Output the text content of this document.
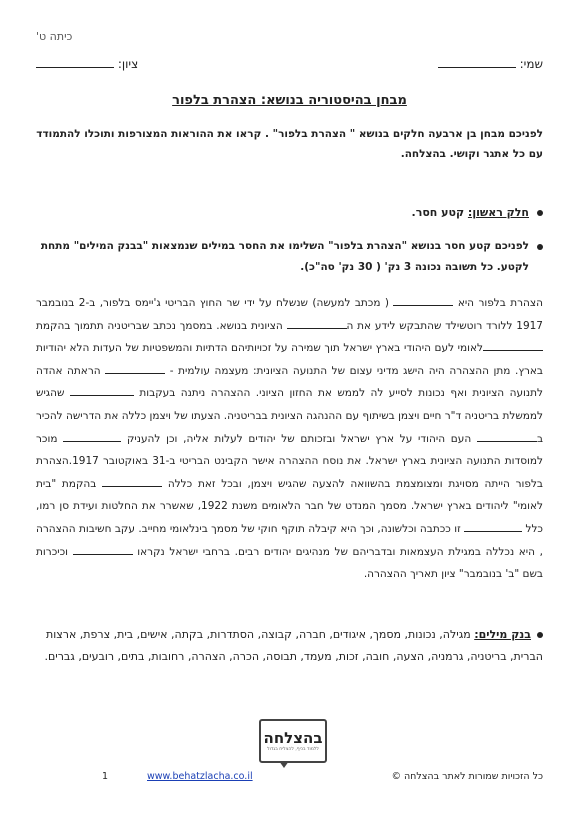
כיתה ט'
שמי:
ציון:
מבחן בהיסטוריה בנושא: הצהרת בלפור
לפניכם מבחן בן ארבעה חלקים בנושא " הצהרת בלפור" . קראו את ההוראות המצורפות ותוכלו להתמודד עם כל אתגר וקושי. בהצלחה.
חלק ראשון: קטע חסר.
לפניכם קטע חסר בנושא "הצהרת בלפור" השלימו את החסר במילים שנמצאות "בבנק המילים" מתחת לקטע. כל תשובה נכונה 3 נק' ( 30 נק' סה"כ).

הצהרת בלפור היא  ( מכתב למעשה) שנשלח על ידי שר החוץ הבריטי ג'יימס בלפור, ב-2 בנובמבר 1917 ללורד רוטשילד שהתבקש לידע את ה הציונית בנושא. במסמך נכתב שבריטניה תתמוך בהקמת לאומי לעם היהודי בארץ ישראל תוך שמירה על זכויותיהם הדתיות והמשפטיות של העדות הלא יהודיות בארץ. מתן ההצהרה היה הישג מדיני עצום של התנועה הציונית: מעצמה עולמית -  הראתה אהדה לתנועה הציונית ואף נכונות לסייע לה לממש את החזון הציוני. ההצהרה ניתנה בעקבות  שהגיש לממשלת בריטניה ד"ר חיים ויצמן בשיתוף עם ההנהגה הציונית בבריטניה. הצעתו של ויצמן כללה את הדרישה להכיר ב העם היהודי על ארץ ישראל ובזכותם של יהודים לעלות אליה, וכן להעניק  מוכר למוסדות התנועה הציונית בארץ ישראל. את נוסח ההצהרה אישר הקבינט הבריטי ב-31 באוקטובר 1917.הצהרת בלפור הייתה מסויגת ומצומצמת בהשוואה להצעה שהגיש ויצמן, ובכל זאת כללה  בהקמת "בית לאומי" ליהודים בארץ ישראל. מסמך המנדט של חבר הלאומים משנת 1922, שאשרר את החלטות ועידת סן רמו, כלל  זו ככתבה וכלשונה, וכך היא קיבלה תוקף חוקי של מסמך בינלאומי מחייב. עקב חשיבות ההצהרה , היא נכללה במגילת העצמאות ובדבריהם של מנהיגים יהודים רבים. ברחבי ישראל נקראו  וכיכרות בשם "ב' בנובמבר" ציון תאריך ההצהרה.

בנק מילים: מגילה, נכונות, מסמך, איגודים, חברה, קבוצה, הסתדרות, בקתה, אישים, בית, צרפת, ארצות הברית, בריטניה, גרמניה, הצעה, חובה, זכות, מעמד, תבוסה, הכרה, הצהרה, רחובות, בתים, רובעים, גברים.
בהצלחה
ללמוד בכיף, להצליח בגדול
1	www.behatzlacha.co.il	כל הזכויות שמורות לאתר בהצלחה ©
